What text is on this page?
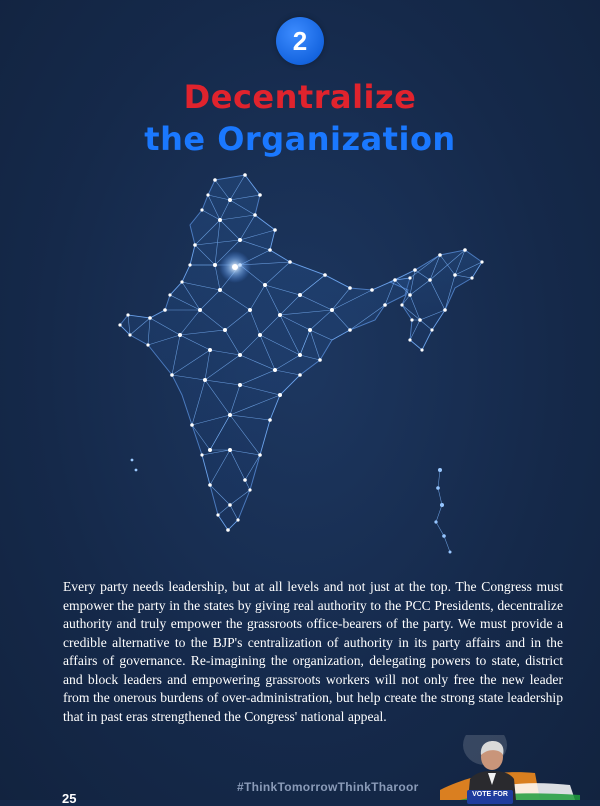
2
Decentralize
the Organization
Every party needs leadership, but at all levels and not just at the top. The Congress must empower the party in the states by giving real authority to the PCC Presidents, decentralize authority and truly empower the grassroots office-bearers of the party. We must provide a credible alternative to the BJP's centralization of authority in its party affairs and in the affairs of governance. Re-imagining the organization, delegating powers to state, district and block leaders and empowering grassroots workers will not only free the new leader from the onerous burdens of over-administration, but help create the strong state leadership that in past eras strengthened the Congress' national appeal.
#ThinkTomorrowThinkTharoor
25	VOTE FOR
